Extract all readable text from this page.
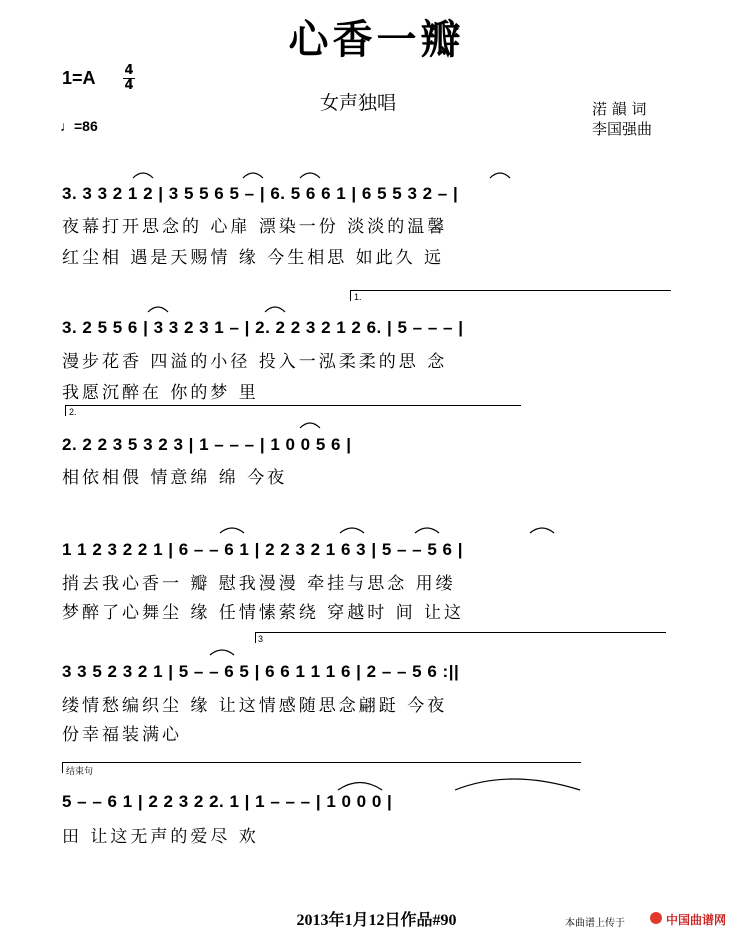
心香一瓣
1=A 4
4
♩=86
女声独唱	渃 韻 词
李国强曲
3. 3 3 2 1 2 | 3 5 5 6 5 – | 6. 5 6 6 1 | 6 5 5 3 2 – |
夜幕打开思念的 心扉 漂染一份 淡淡的温馨
红尘相 遇是天赐情 缘 今生相思 如此久 远
1.
3. 2 5 5 6 | 3 3 2 3 1 – | 2. 2 2 3 2 1 2 6. | 5 – – – |
漫步花香 四溢的小径 投入一泓柔柔的思 念
我愿沉醉在 你的梦 里
2.
2. 2 2 3 5 3 2 3 | 1 – – – | 1 0 0 5 6 |
相依相偎 情意绵 绵 今夜
1 1 2 3 2 2 1 | 6 – – 6 1 | 2 2 3 2 1 6 3 | 5 – – 5 6 |
捎去我心香一 瓣 慰我漫漫 牵挂与思念 用缕
梦醉了心舞尘 缘 任情愫萦绕 穿越时 间 让这
3
3 3 5 2 3 2 1 | 5 – – 6 5 | 6 6 1 1 1 6 | 2 – – 5 6 :||
缕情愁编织尘 缘 让这情感随思念翩跹 今夜
份幸福装满心
结束句
5 – – 6 1 | 2 2 3 2 2. 1 | 1 – – – | 1 0 0 0 |
田 让这无声的爱尽 欢
2013年1月12日作品#90	本曲谱上传于	中国曲谱网
